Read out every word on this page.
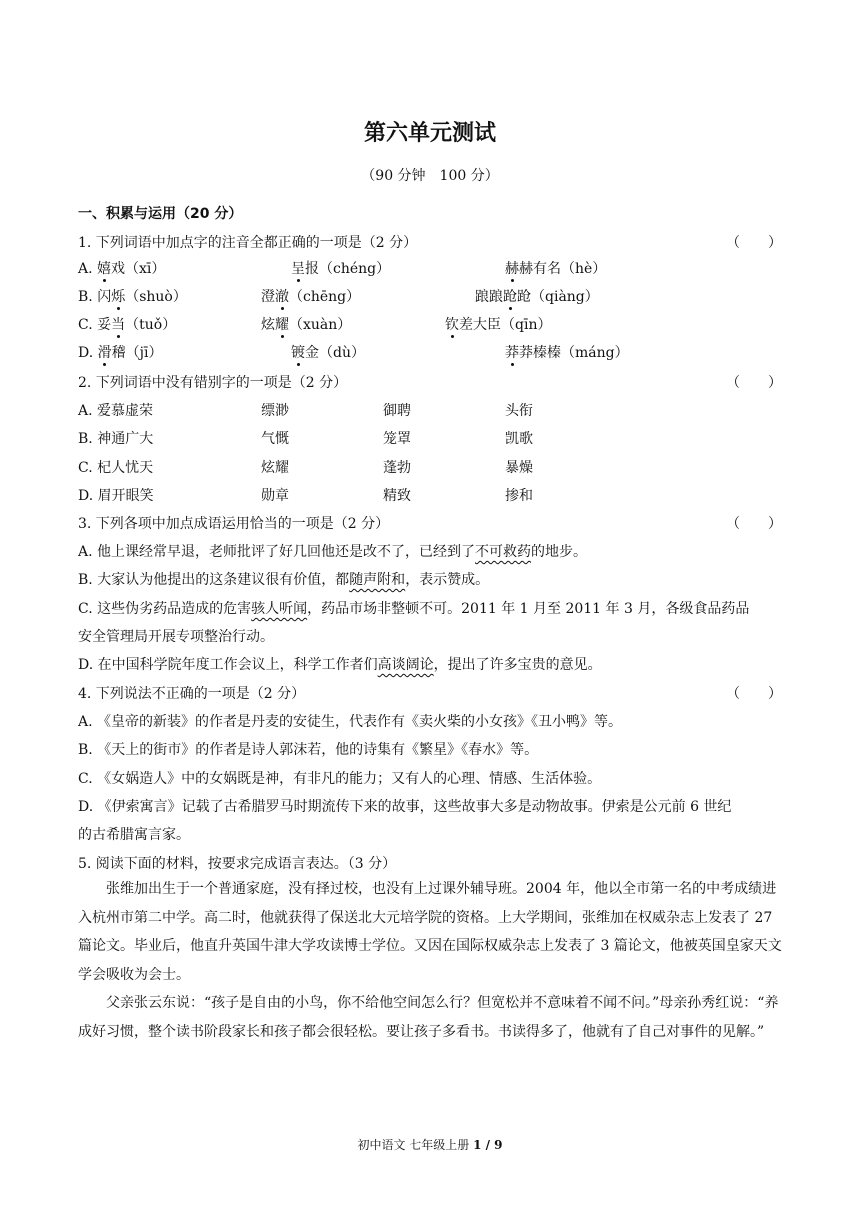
第六单元测试
（90 分钟　100 分）
一、积累与运用（20 分）
1. 下列词语中加点字的注音全都正确的一项是（2 分）	（　　）
A. 嬉戏（xī）	呈报（chéng）	赫赫有名（hè）
B. 闪烁（shuò）	澄澈（chēng）	踉踉跄跄（qiàng）
C. 妥当（tuǒ）	炫耀（xuàn）	钦差大臣（qīn）
D. 滑稽（jī）	镀金（dù）	莽莽榛榛（máng）
2. 下列词语中没有错别字的一项是（2 分）	（　　）
A. 爱慕虚荣	缥渺	御聘	头衔
B. 神通广大	气慨	笼罩	凯歌
C. 杞人忧天	炫耀	蓬勃	暴燥
D. 眉开眼笑	勋章	精致	掺和
3. 下列各项中加点成语运用恰当的一项是（2 分）	（　　）
A. 他上课经常早退，老师批评了好几回他还是改不了，已经到了不可救药的地步。
B. 大家认为他提出的这条建议很有价值，都随声附和，表示赞成。
C. 这些伪劣药品造成的危害骇人听闻，药品市场非整顿不可。2011 年 1 月至 2011 年 3 月，各级食品药品
安全管理局开展专项整治行动。
D. 在中国科学院年度工作会议上，科学工作者们高谈阔论，提出了许多宝贵的意见。
4. 下列说法不正确的一项是（2 分）	（　　）
A. 《皇帝的新装》的作者是丹麦的安徒生，代表作有《卖火柴的小女孩》《丑小鸭》等。
B. 《天上的街市》的作者是诗人郭沫若，他的诗集有《繁星》《春水》等。
C. 《女娲造人》中的女娲既是神，有非凡的能力；又有人的心理、情感、生活体验。
D. 《伊索寓言》记载了古希腊罗马时期流传下来的故事，这些故事大多是动物故事。伊索是公元前 6 世纪
的古希腊寓言家。
5. 阅读下面的材料，按要求完成语言表达。（3 分）
张维加出生于一个普通家庭，没有择过校，也没有上过课外辅导班。2004 年，他以全市第一名的中考成绩进入杭州市第二中学。高二时，他就获得了保送北大元培学院的资格。上大学期间，张维加在权威杂志上发表了 27 篇论文。毕业后，他直升英国牛津大学攻读博士学位。又因在国际权威杂志上发表了 3 篇论文，他被英国皇家天文学会吸收为会士。
父亲张云东说：“孩子是自由的小鸟，你不给他空间怎么行？但宽松并不意味着不闻不问。”母亲孙秀红说：“养成好习惯，整个读书阶段家长和孩子都会很轻松。要让孩子多看书。书读得多了，他就有了自己对事件的见解。”
初中语文 七年级上册 1 / 9
